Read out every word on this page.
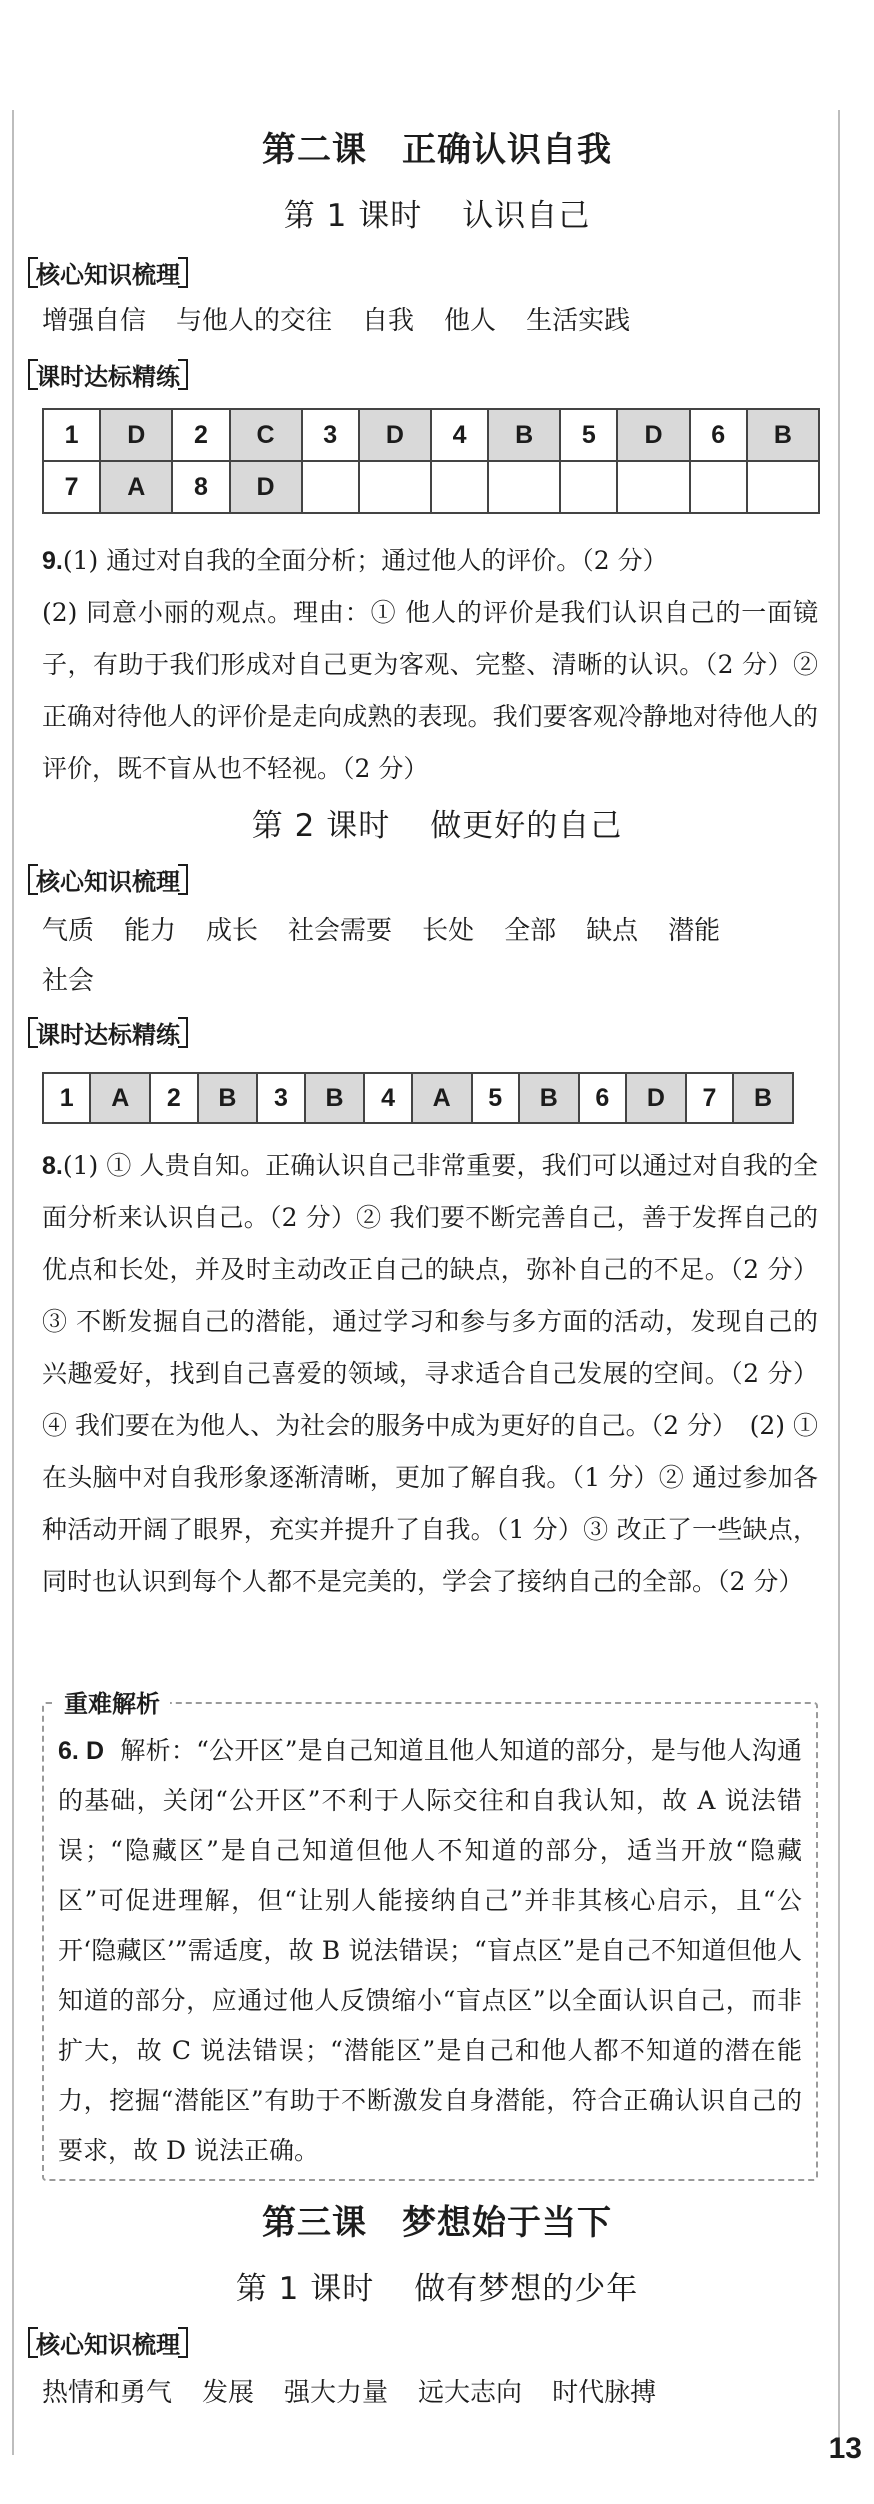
第二课　正确认识自我
第 1 课时 认识自己
核心知识梳理
增强自信 与他人的交往 自我 他人 生活实践
课时达标精练
1	D	2	C	3	D	4	B	5	D	6	B
7	A	8	D								
9.(1) 通过对自我的全面分析；通过他人的评价。（2 分）
(2) 同意小丽的观点。理由：① 他人的评价是我们认识自己的一面镜子，有助于我们形成对自己更为客观、完整、清晰的认识。（2 分）② 正确对待他人的评价是走向成熟的表现。我们要客观冷静地对待他人的评价，既不盲从也不轻视。（2 分）
第 2 课时 做更好的自己
核心知识梳理
气质 能力 成长 社会需要 长处 全部 缺点 潜能
社会
课时达标精练
1	A	2	B	3	B	4	A	5	B	6	D	7	B
8.(1) ① 人贵自知。正确认识自己非常重要，我们可以通过对自我的全面分析来认识自己。（2 分）② 我们要不断完善自己，善于发挥自己的优点和长处，并及时主动改正自己的缺点，弥补自己的不足。（2 分）③ 不断发掘自己的潜能，通过学习和参与多方面的活动，发现自己的兴趣爱好，找到自己喜爱的领域，寻求适合自己发展的空间。（2 分）④ 我们要在为他人、为社会的服务中成为更好的自己。（2 分）　(2) ① 在头脑中对自我形象逐渐清晰，更加了解自我。（1 分）② 通过参加各种活动开阔了眼界，充实并提升了自我。（1 分）③ 改正了一些缺点，同时也认识到每个人都不是完美的，学会了接纳自己的全部。（2 分）
重难解析
6. D 解析：“公开区”是自己知道且他人知道的部分，是与他人沟通的基础，关闭“公开区”不利于人际交往和自我认知，故 A 说法错误；“隐藏区”是自己知道但他人不知道的部分，适当开放“隐藏区”可促进理解，但“让别人能接纳自己”并非其核心启示，且“公开‘隐藏区’”需适度，故 B 说法错误；“盲点区”是自己不知道但他人知道的部分，应通过他人反馈缩小“盲点区”以全面认识自己，而非扩大，故 C 说法错误；“潜能区”是自己和他人都不知道的潜在能力，挖掘“潜能区”有助于不断激发自身潜能，符合正确认识自己的要求，故 D 说法正确。
第三课　梦想始于当下
第 1 课时 做有梦想的少年
核心知识梳理
热情和勇气 发展 强大力量 远大志向 时代脉搏
13
